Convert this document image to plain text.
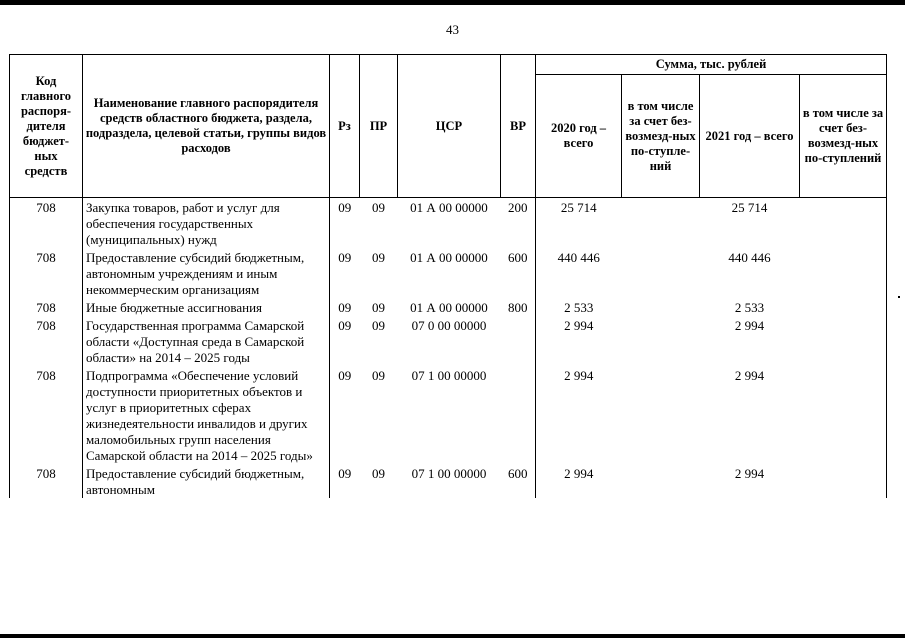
43
Код главного распоря-дителя бюджет-ных средств	Наименование главного распорядителя средств областного бюджета, раздела, подраздела, целевой статьи, группы видов расходов	Рз	ПР	ЦСР	ВР	Сумма, тыс. рублей			
						2020 год – всего	в том числе за счет без-возмезд-ных по-ступле-ний	2021 год – всего	в том числе за счет без-возмезд-ных по-ступлений
708	Закупка товаров, работ и услуг для обеспечения государственных (муниципальных) нужд	09	09	01 А 00 00000	200	25 714		25 714	
708	Предоставление субсидий бюджетным, автономным учреждениям и иным некоммерческим организациям	09	09	01 А 00 00000	600	440 446		440 446	
708	Иные бюджетные ассигнования	09	09	01 А 00 00000	800	2 533		2 533	
708	Государственная программа Самарской области «Доступная среда в Самарской области» на 2014 – 2025 годы	09	09	07 0 00 00000		2 994		2 994	
708	Подпрограмма «Обеспечение условий доступности приоритетных объектов и услуг в приоритетных сферах жизнедеятельности инвалидов и других маломобильных групп населения Самарской области на 2014 – 2025 годы»	09	09	07 1 00 00000		2 994		2 994	
708	Предоставление субсидий бюджетным, автономным	09	09	07 1 00 00000	600	2 994		2 994	
